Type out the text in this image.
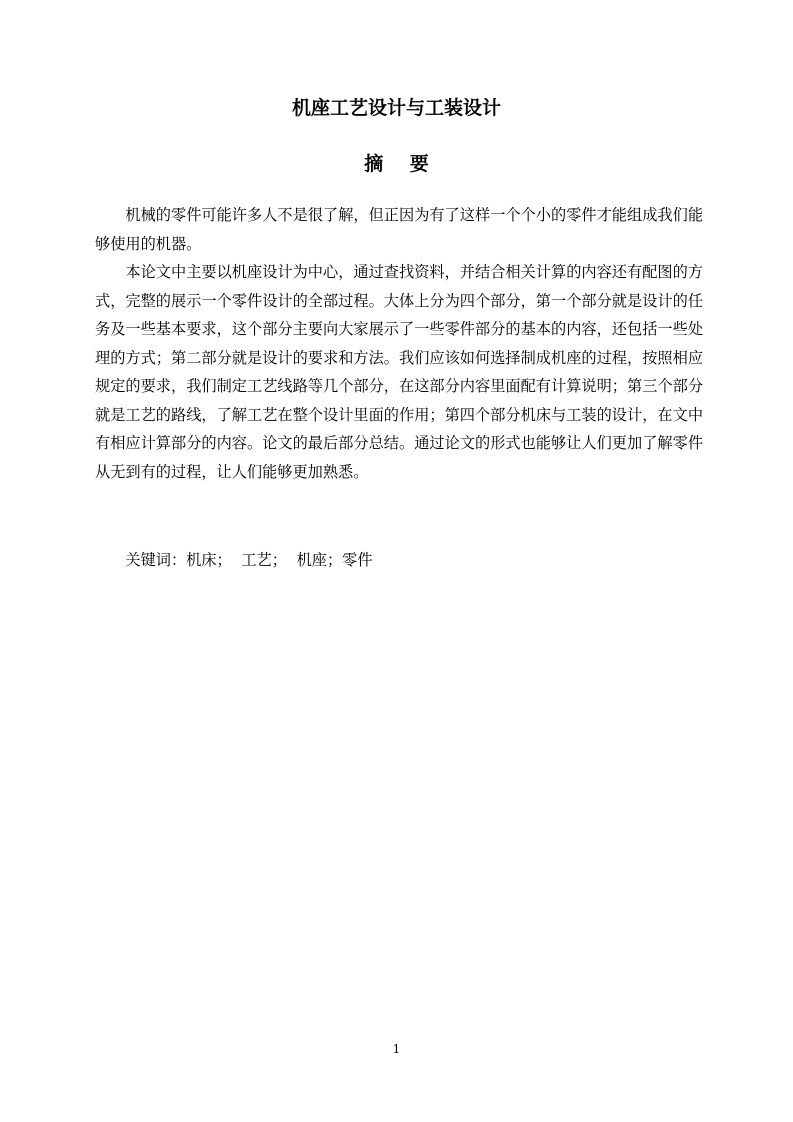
机座工艺设计与工装设计
摘 要

机械的零件可能许多人不是很了解，但正因为有了这样一个个小的零件才能组成我们能够使用的机器。

本论文中主要以机座设计为中心，通过查找资料，并结合相关计算的内容还有配图的方式，完整的展示一个零件设计的全部过程。大体上分为四个部分，第一个部分就是设计的任务及一些基本要求，这个部分主要向大家展示了一些零件部分的基本的内容，还包括一些处理的方式；第二部分就是设计的要求和方法。我们应该如何选择制成机座的过程，按照相应规定的要求，我们制定工艺线路等几个部分，在这部分内容里面配有计算说明；第三个部分就是工艺的路线，了解工艺在整个设计里面的作用；第四个部分机床与工装的设计，在文中有相应计算部分的内容。论文的最后部分总结。通过论文的形式也能够让人们更加了解零件从无到有的过程，让人们能够更加熟悉。

关键词：机床；  工艺；  机座；零件

1
